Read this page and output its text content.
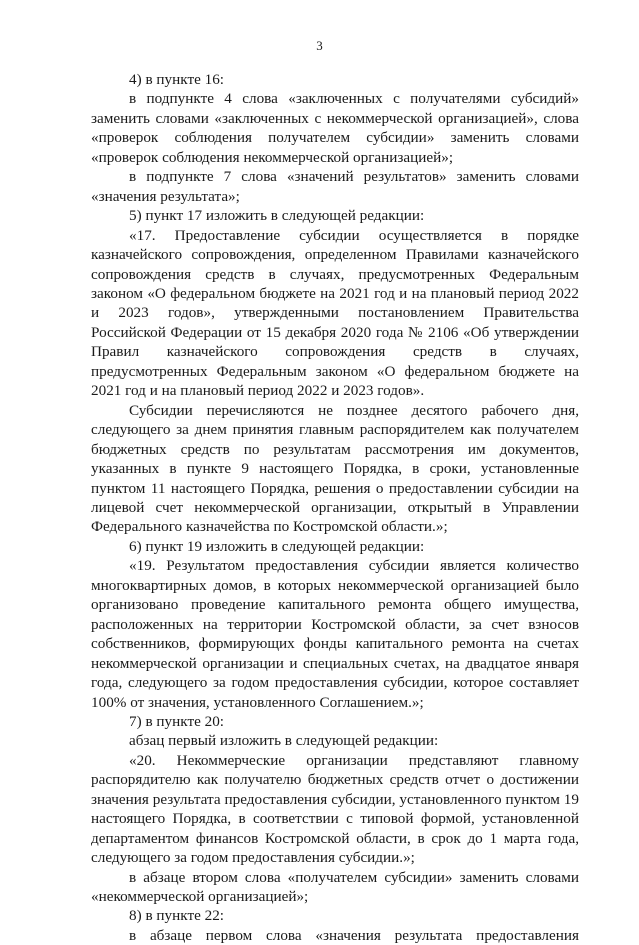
3

4) в пункте 16:

в подпункте 4 слова «заключенных с получателями субсидий» заменить словами «заключенных с некоммерческой организацией», слова «проверок соблюдения получателем субсидии» заменить словами «проверок соблюдения некоммерческой организацией»;

в подпункте 7 слова «значений результатов» заменить словами «значения результата»;

5) пункт 17 изложить в следующей редакции:

«17. Предоставление субсидии осуществляется в порядке казначейского сопровождения, определенном Правилами казначейского сопровождения средств в случаях, предусмотренных Федеральным законом «О федеральном бюджете на 2021 год и на плановый период 2022 и 2023 годов», утвержденными постановлением Правительства Российской Федерации от 15 декабря 2020 года № 2106 «Об утверждении Правил казначейского сопровождения средств в случаях, предусмотренных Федеральным законом «О федеральном бюджете на 2021 год и на плановый период 2022 и 2023 годов».

Субсидии перечисляются не позднее десятого рабочего дня, следующего за днем принятия главным распорядителем как получателем бюджетных средств по результатам рассмотрения им документов, указанных в пункте 9 настоящего Порядка, в сроки, установленные пунктом 11 настоящего Порядка, решения о предоставлении субсидии на лицевой счет некоммерческой организации, открытый в Управлении Федерального казначейства по Костромской области.»;

6) пункт 19 изложить в следующей редакции:

«19. Результатом предоставления субсидии является количество многоквартирных домов, в которых некоммерческой организацией было организовано проведение капитального ремонта общего имущества, расположенных на территории Костромской области, за счет взносов собственников, формирующих фонды капитального ремонта на счетах некоммерческой организации и специальных счетах, на двадцатое января года, следующего за годом предоставления субсидии, которое составляет 100% от значения, установленного Соглашением.»;

7) в пункте 20:

абзац первый изложить в следующей редакции:

«20. Некоммерческие организации представляют главному распорядителю как получателю бюджетных средств отчет о достижении значения результата предоставления субсидии, установленного пунктом 19 настоящего Порядка, в соответствии с типовой формой, установленной департаментом финансов Костромской области, в срок до 1 марта года, следующего за годом предоставления субсидии.»;

в абзаце втором слова «получателем субсидии» заменить словами «некоммерческой организацией»;

8) в пункте 22:

в абзаце первом слова «значения результата предоставления
